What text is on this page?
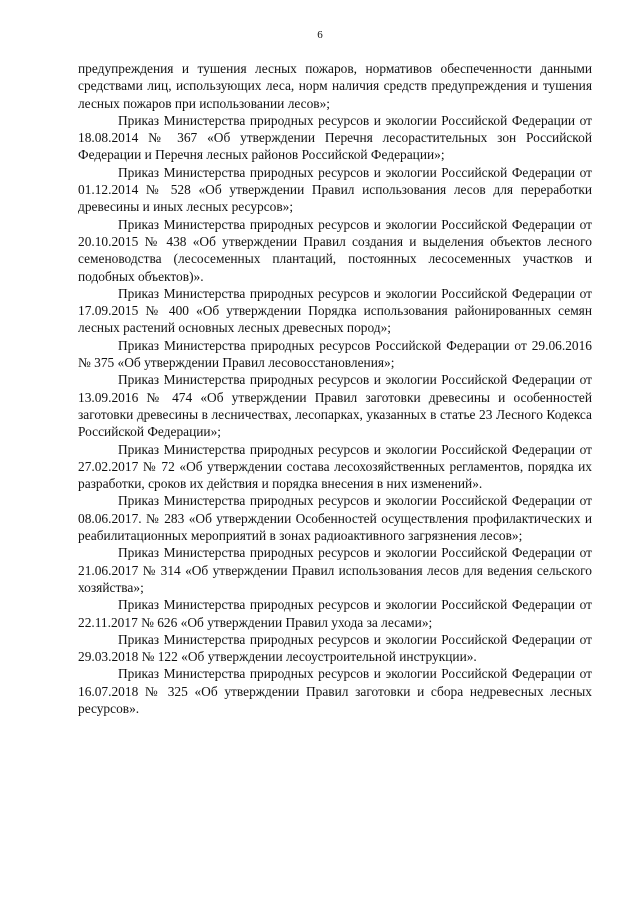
6

предупреждения и тушения лесных пожаров, нормативов обеспеченности данными средствами лиц, использующих леса, норм наличия средств предупреждения и тушения лесных пожаров при использовании лесов»;

Приказ Министерства природных ресурсов и экологии Российской Федерации от 18.08.2014 № 367 «Об утверждении Перечня лесорастительных зон Российской Федерации и Перечня лесных районов Российской Федерации»;

Приказ Министерства природных ресурсов и экологии Российской Федерации от 01.12.2014 № 528 «Об утверждении Правил использования лесов для переработки древесины и иных лесных ресурсов»;

Приказ Министерства природных ресурсов и экологии Российской Федерации от 20.10.2015 № 438 «Об утверждении Правил создания и выделения объектов лесного семеноводства (лесосеменных плантаций, постоянных лесосеменных участков и подобных объектов)».

Приказ Министерства природных ресурсов и экологии Российской Федерации от 17.09.2015 № 400 «Об утверждении Порядка использования районированных семян лесных растений основных лесных древесных пород»;

Приказ Министерства природных ресурсов Российской Федерации от 29.06.2016 № 375 «Об утверждении Правил лесовосстановления»;

Приказ Министерства природных ресурсов и экологии Российской Федерации от 13.09.2016 № 474 «Об утверждении Правил заготовки древесины и особенностей заготовки древесины в лесничествах, лесопарках, указанных в статье 23 Лесного Кодекса Российской Федерации»;

Приказ Министерства природных ресурсов и экологии Российской Федерации от 27.02.2017 № 72 «Об утверждении состава лесохозяйственных регламентов, порядка их разработки, сроков их действия и порядка внесения в них изменений».

Приказ Министерства природных ресурсов и экологии Российской Федерации от 08.06.2017. № 283 «Об утверждении Особенностей осуществления профилактических и реабилитационных мероприятий в зонах радиоактивного загрязнения лесов»;

Приказ Министерства природных ресурсов и экологии Российской Федерации от 21.06.2017 № 314 «Об утверждении Правил использования лесов для ведения сельского хозяйства»;

Приказ Министерства природных ресурсов и экологии Российской Федерации от 22.11.2017 № 626 «Об утверждении Правил ухода за лесами»;

Приказ Министерства природных ресурсов и экологии Российской Федерации от 29.03.2018 № 122 «Об утверждении лесоустроительной инструкции».

Приказ Министерства природных ресурсов и экологии Российской Федерации от 16.07.2018 № 325 «Об утверждении Правил заготовки и сбора недревесных лесных ресурсов».
